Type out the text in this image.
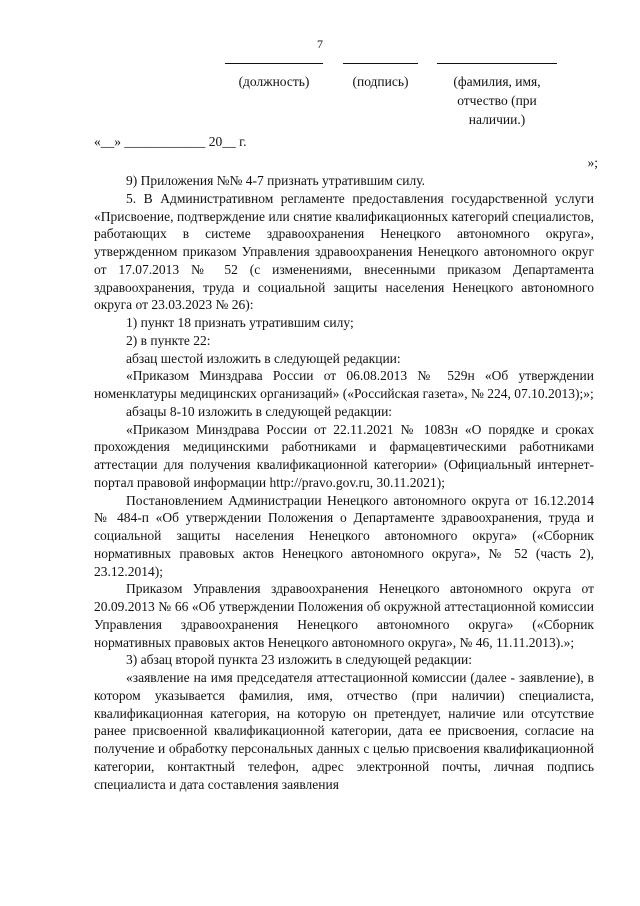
7
(должность)	(подпись)	(фамилия, имя, отчество (при наличии.)
«__» ____________ 20__ г.
»;

9) Приложения №№ 4-7 признать утратившим силу.

5. В Административном регламенте предоставления государственной услуги «Присвоение, подтверждение или снятие квалификационных категорий специалистов, работающих в системе здравоохранения Ненецкого автономного округа», утвержденном приказом Управления здравоохранения Ненецкого автономного округ от 17.07.2013 № 52 (с изменениями, внесенными приказом Департамента здравоохранения, труда и социальной защиты населения Ненецкого автономного округа от 23.03.2023 № 26):

1) пункт 18 признать утратившим силу;

2) в пункте 22:

абзац шестой изложить в следующей редакции:

«Приказом Минздрава России от 06.08.2013 № 529н «Об утверждении номенклатуры медицинских организаций» («Российская газета», № 224, 07.10.2013);»;

абзацы 8-10 изложить в следующей редакции:

«Приказом Минздрава России от 22.11.2021 № 1083н «О порядке и сроках прохождения медицинскими работниками и фармацевтическими работниками аттестации для получения квалификационной категории» (Официальный интернет-портал правовой информации http://pravo.gov.ru, 30.11.2021);

Постановлением Администрации Ненецкого автономного округа от 16.12.2014 № 484-п «Об утверждении Положения о Департаменте здравоохранения, труда и социальной защиты населения Ненецкого автономного округа» («Сборник нормативных правовых актов Ненецкого автономного округа», № 52 (часть 2), 23.12.2014);

Приказом Управления здравоохранения Ненецкого автономного округа от 20.09.2013 № 66 «Об утверждении Положения об окружной аттестационной комиссии Управления здравоохранения Ненецкого автономного округа» («Сборник нормативных правовых актов Ненецкого автономного округа», № 46, 11.11.2013).»;

3) абзац второй пункта 23 изложить в следующей редакции:

«заявление на имя председателя аттестационной комиссии (далее - заявление), в котором указывается фамилия, имя, отчество (при наличии) специалиста, квалификационная категория, на которую он претендует, наличие или отсутствие ранее присвоенной квалификационной категории, дата ее присвоения, согласие на получение и обработку персональных данных с целью присвоения квалификационной категории, контактный телефон, адрес электронной почты, личная подпись специалиста и дата составления заявления
